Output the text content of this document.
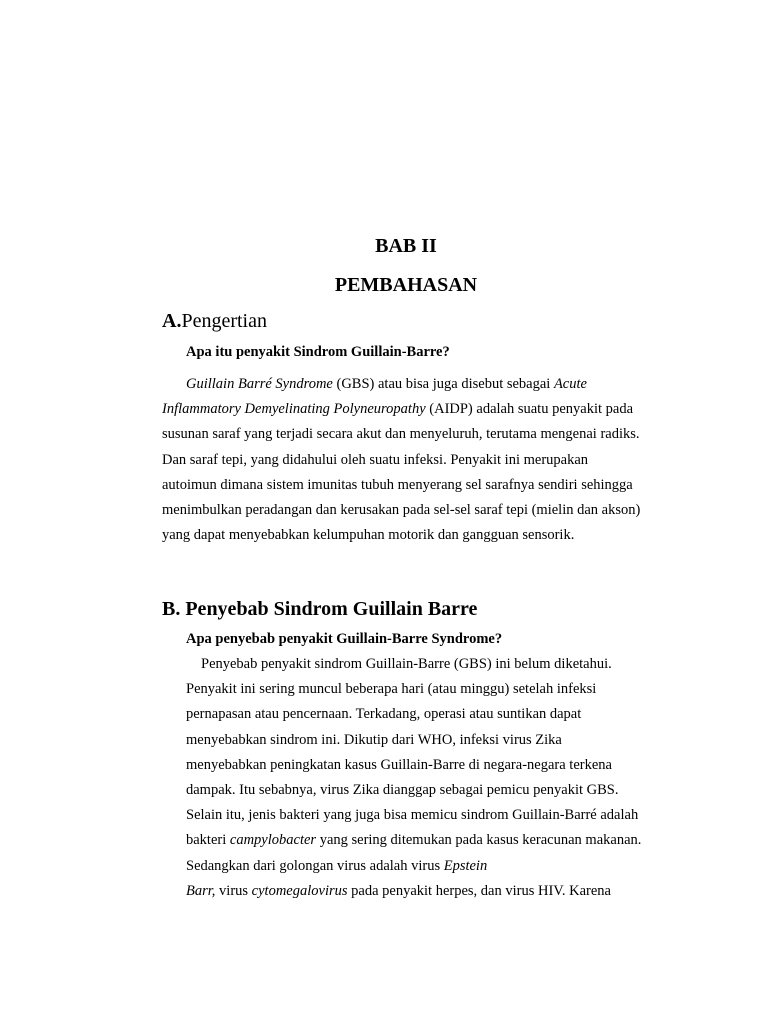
BAB II
PEMBAHASAN
A.Pengertian
Apa itu penyakit Sindrom Guillain-Barre?
Guillain Barré Syndrome (GBS) atau bisa juga disebut sebagai Acute
Inflammatory Demyelinating Polyneuropathy (AIDP) adalah suatu penyakit pada
susunan saraf yang terjadi secara akut dan menyeluruh, terutama mengenai radiks.
Dan saraf tepi, yang didahului oleh suatu infeksi. Penyakit ini merupakan
autoimun dimana sistem imunitas tubuh menyerang sel sarafnya sendiri sehingga
menimbulkan peradangan dan kerusakan pada sel-sel saraf tepi (mielin dan akson)
yang dapat menyebabkan kelumpuhan motorik dan gangguan sensorik.
B. Penyebab Sindrom Guillain Barre
Apa penyebab penyakit Guillain-Barre Syndrome?
Penyebab penyakit sindrom Guillain-Barre (GBS) ini belum diketahui.
Penyakit ini sering muncul beberapa hari (atau minggu) setelah infeksi
pernapasan atau pencernaan. Terkadang, operasi atau suntikan dapat
menyebabkan sindrom ini. Dikutip dari WHO, infeksi virus Zika
menyebabkan peningkatan kasus Guillain-Barre di negara-negara terkena
dampak. Itu sebabnya, virus Zika dianggap sebagai pemicu penyakit GBS.
Selain itu, jenis bakteri yang juga bisa memicu sindrom Guillain-Barré adalah
bakteri campylobacter yang sering ditemukan pada kasus keracunan makanan.
Sedangkan dari golongan virus adalah virus Epstein
Barr, virus cytomegalovirus pada penyakit herpes, dan virus HIV. Karena
